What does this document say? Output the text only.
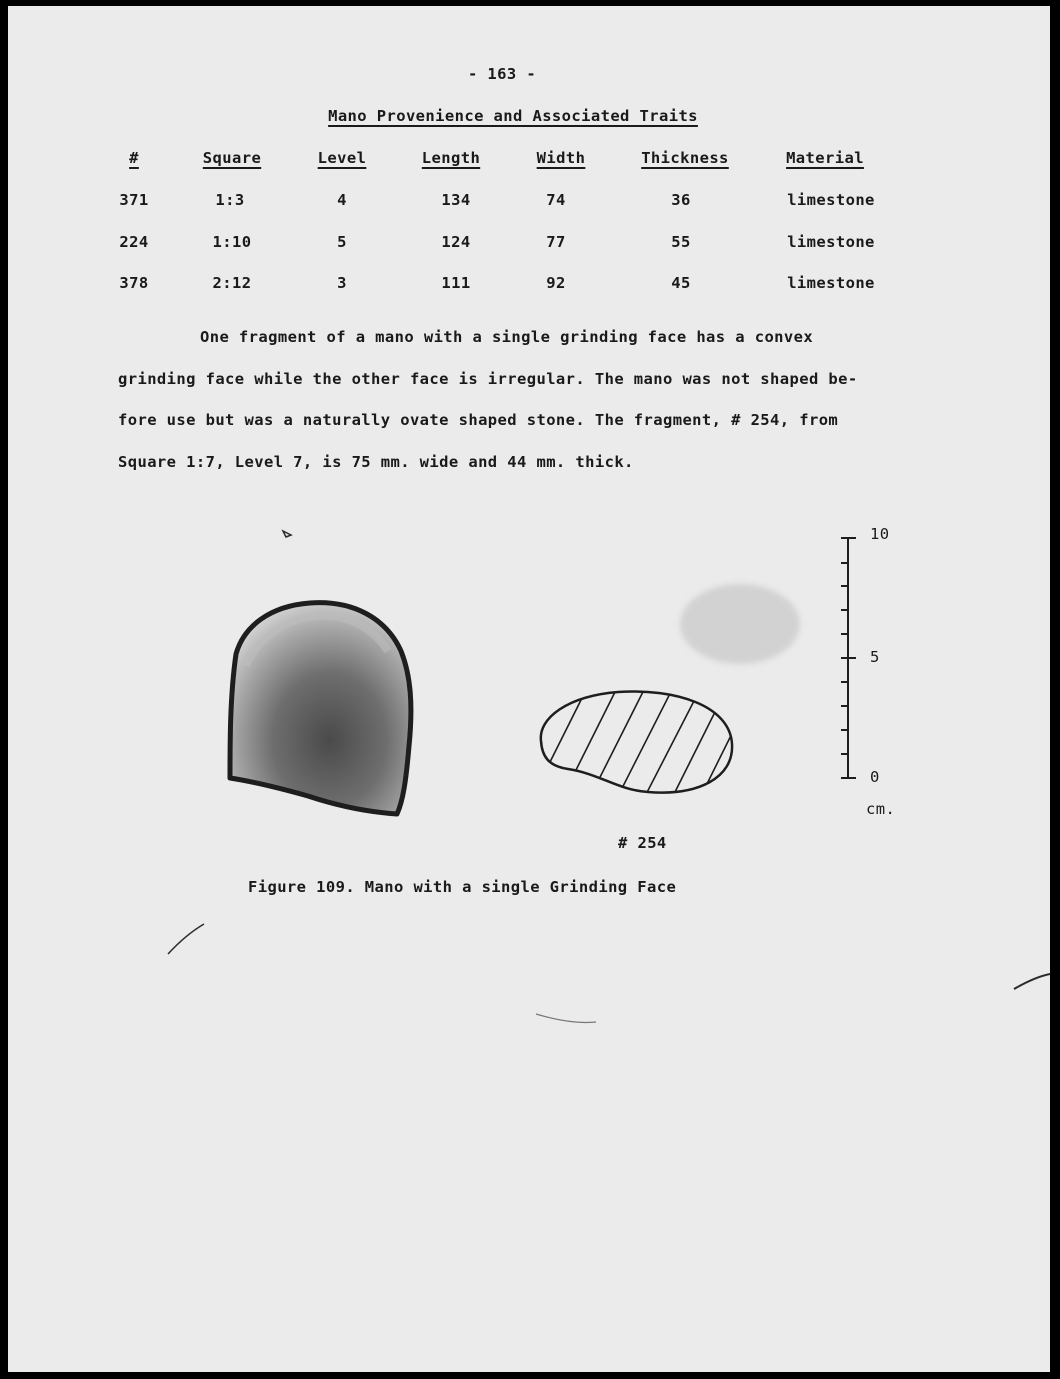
- 163 -
Mano Provenience and Associated Traits
#	Square	Level	Length	Width	Thickness	Material
371	1:3	4	134	74	36	limestone
224	1:10	5	124	77	55	limestone
378	2:12	3	111	92	45	limestone
One fragment of a mano with a single grinding face has a convex
grinding face while the other face is irregular. The mano was not shaped be-
fore use but was a naturally ovate shaped stone. The fragment, # 254, from
Square 1:7, Level 7, is 75 mm. wide and 44 mm. thick.
10
5
0
cm.
# 254
Figure 109. Mano with a single Grinding Face
